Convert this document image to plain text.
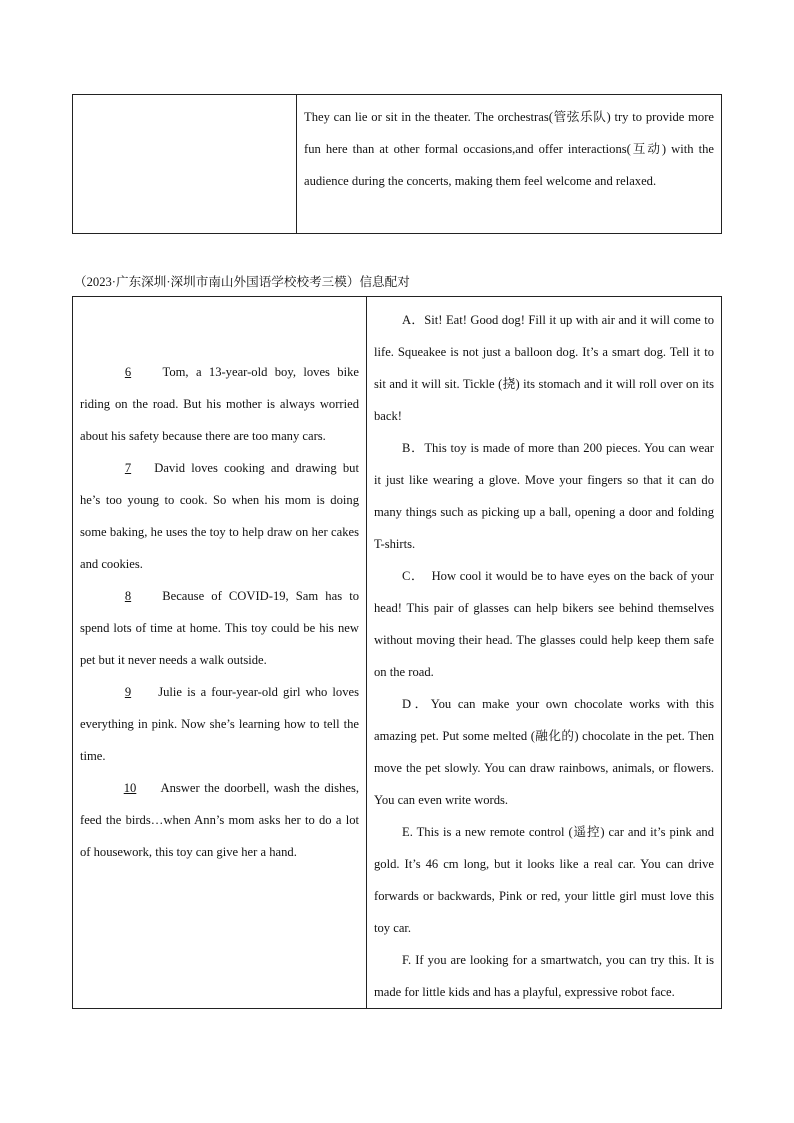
They can lie or sit in the theater. The orchestras(管弦乐队) try to provide more fun here than at other formal occasions,and offer interactions(互动) with the audience during the concerts, making them feel welcome and relaxed.

（2023·广东深圳·深圳市南山外国语学校校考三模）信息配对

6 Tom, a 13-year-old boy, loves bike riding on the road. But his mother is always worried about his safety because there are too many cars.

7 David loves cooking and drawing but he’s too young to cook. So when his mom is doing some baking, he uses the toy to help draw on her cakes and cookies.

8 Because of COVID-19, Sam has to spend lots of time at home. This toy could be his new pet but it never needs a walk outside.

9 Julie is a four-year-old girl who loves everything in pink. Now she’s learning how to tell the time.

10 Answer the doorbell, wash the dishes, feed the birds…when Ann’s mom asks her to do a lot of housework, this toy can give her a hand.

A．Sit! Eat! Good dog! Fill it up with air and it will come to life. Squeakee is not just a balloon dog. It’s a smart dog. Tell it to sit and it will sit. Tickle (挠) its stomach and it will roll over on its back!

B．This toy is made of more than 200 pieces. You can wear it just like wearing a glove. Move your fingers so that it can do many things such as picking up a ball, opening a door and folding T-shirts.

C． How cool it would be to have eyes on the back of your head! This pair of glasses can help bikers see behind themselves without moving their head. The glasses could help keep them safe on the road.

D．You can make your own chocolate works with this amazing pet. Put some melted (融化的) chocolate in the pet. Then move the pet slowly. You can draw rainbows, animals, or flowers. You can even write words.

E. This is a new remote control (遥控) car and it’s pink and gold. It’s 46 cm long, but it looks like a real car. You can drive forwards or backwards, Pink or red, your little girl must love this toy car.

F. If you are looking for a smartwatch, you can try this. It is made for little kids and has a playful, expressive robot face.
